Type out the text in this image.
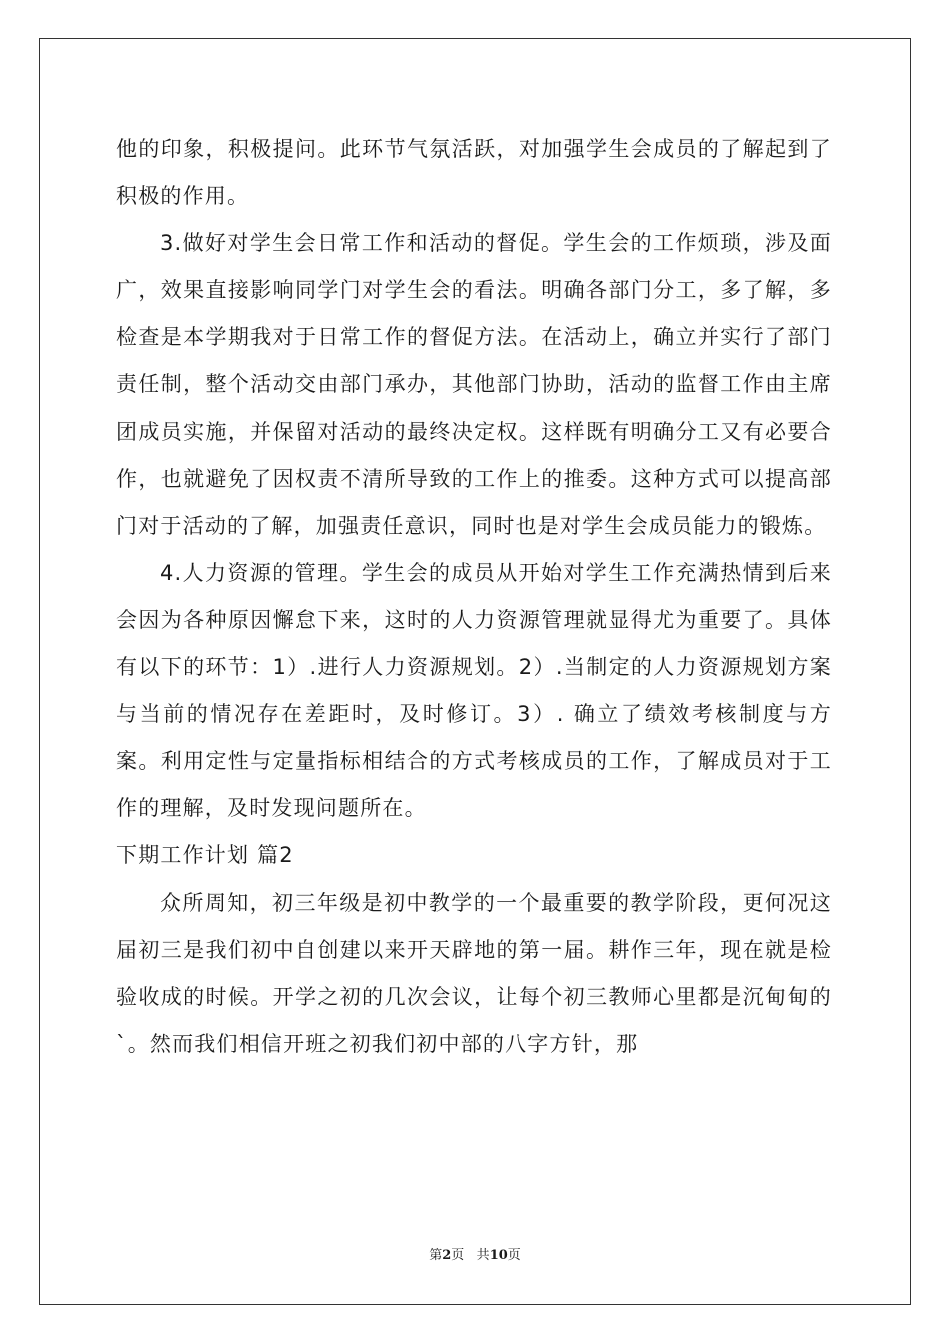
他的印象，积极提问。此环节气氛活跃，对加强学生会成员的了解起到了积极的作用。

3.做好对学生会日常工作和活动的督促。学生会的工作烦琐，涉及面广，效果直接影响同学门对学生会的看法。明确各部门分工，多了解，多检查是本学期我对于日常工作的督促方法。在活动上，确立并实行了部门责任制，整个活动交由部门承办，其他部门协助，活动的监督工作由主席团成员实施，并保留对活动的最终决定权。这样既有明确分工又有必要合作，也就避免了因权责不清所导致的工作上的推委。这种方式可以提高部门对于活动的了解，加强责任意识，同时也是对学生会成员能力的锻炼。

4.人力资源的管理。学生会的成员从开始对学生工作充满热情到后来会因为各种原因懈怠下来，这时的人力资源管理就显得尤为重要了。具体有以下的环节：1）.进行人力资源规划。2）.当制定的人力资源规划方案与当前的情况存在差距时，及时修订。3）. 确立了绩效考核制度与方案。利用定性与定量指标相结合的方式考核成员的工作，了解成员对于工作的理解，及时发现问题所在。

下期工作计划 篇2

众所周知，初三年级是初中教学的一个最重要的教学阶段，更何况这届初三是我们初中自创建以来开天辟地的第一届。耕作三年，现在就是检验收成的时候。开学之初的几次会议，让每个初三教师心里都是沉甸甸的`。然而我们相信开班之初我们初中部的八字方针，那

第2页 共10页
